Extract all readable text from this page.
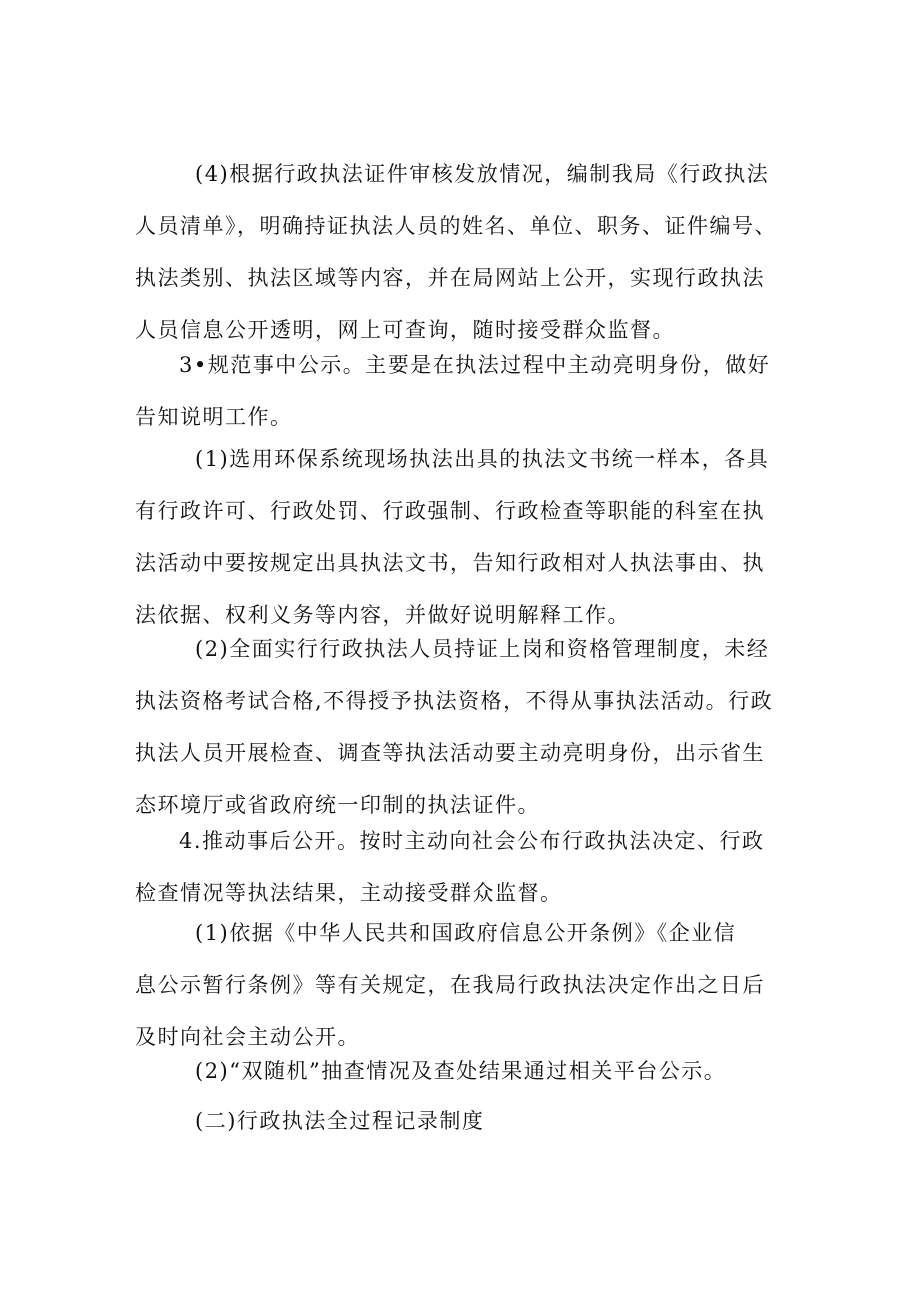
(4)根据行政执法证件审核发放情况，编制我局《行政执法
人员清单》，明确持证执法人员的姓名、单位、职务、证件编号、
执法类别、执法区域等内容，并在局网站上公开，实现行政执法
人员信息公开透明，网上可查询，随时接受群众监督。
3•规范事中公示。主要是在执法过程中主动亮明身份，做好
告知说明工作。
(1)选用环保系统现场执法出具的执法文书统一样本，各具
有行政许可、行政处罚、行政强制、行政检查等职能的科室在执
法活动中要按规定出具执法文书，告知行政相对人执法事由、执
法依据、权利义务等内容，并做好说明解释工作。
(2)全面实行行政执法人员持证上岗和资格管理制度，未经
执法资格考试合格,不得授予执法资格，不得从事执法活动。行政
执法人员开展检查、调查等执法活动要主动亮明身份，出示省生
态环境厅或省政府统一印制的执法证件。
4.推动事后公开。按时主动向社会公布行政执法决定、行政
检查情况等执法结果，主动接受群众监督。
(1)依据《中华人民共和国政府信息公开条例》《企业信
息公示暂行条例》等有关规定，在我局行政执法决定作出之日后
及时向社会主动公开。
(2)“双随机”抽查情况及查处结果通过相关平台公示。
(二)行政执法全过程记录制度
